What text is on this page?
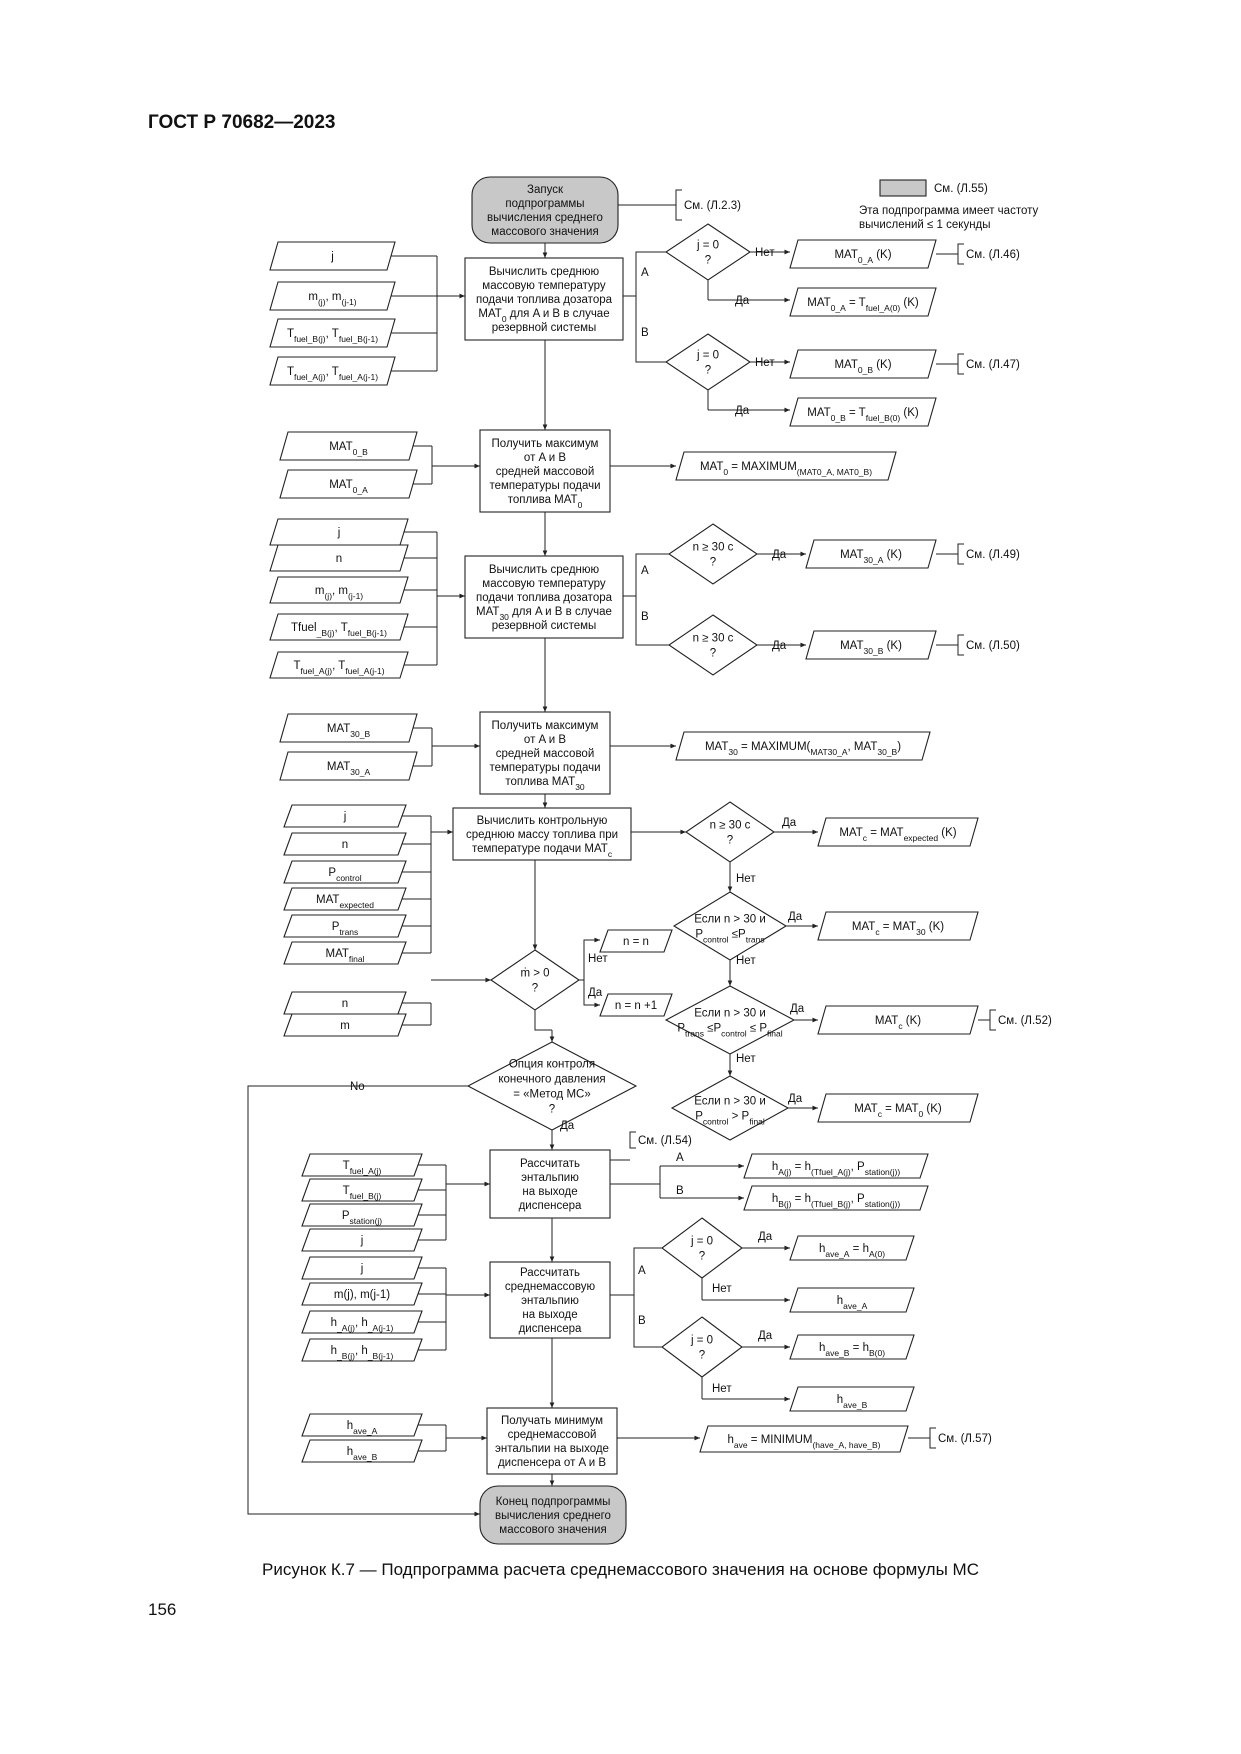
ГОСТ Р 70682—2023
См. (Л.55)
Эта подпрограмма имеет частоту
вычислений ≤ 1 секунды
Запуск
подпрограммы
вычисления среднего
массового значения
См. (Л.2.3)
Вычислить среднюю
массовую температуру
подачи топлива дозатора
$MAT_0$ для A и B в случае
резервной системы
j
$m_{(j)}$, $m_{(j-1)}$
$T_{fuel\_B(j)}$, $T_{fuel\_B(j-1)}$
$T_{fuel\_A(j)}$, $T_{fuel\_A(j-1)}$
A
B
j = 0
?
Нет	$MAT_{0\_A}$ (K)	См. (Л.46)
Да	$MAT_{0\_A} = T_{fuel\_A(0)}$ (K)
j = 0
?
Нет	$MAT_{0\_B}$ (K)	См. (Л.47)
Да	$MAT_{0\_B} = T_{fuel\_B(0)}$ (K)
Получить максимум
от A и B
средней массовой
температуры подачи
топлива $MAT_0$
$MAT_{0\_B}$
$MAT_{0\_A}$
$MAT_0$ = $MAXIMUM_{(MAT0\_A, MAT0\_B)}$
Вычислить среднюю
массовую температуру
подачи топлива дозатора
$MAT_{30}$ для A и B в случае
резервной системы
j
n
$m_{(j)}$, $m_{(j-1)}$
Tfuel$_{\_B(j)}$, $T_{fuel\_B(j-1)}$
$T_{fuel\_A(j)}$, $T_{fuel\_A(j-1)}$
A
B
n ≥ 30 c
?
Да	$MAT_{30\_A}$ (K)	См. (Л.49)
n ≥ 30 c
?
Да	$MAT_{30\_B}$ (K)	См. (Л.50)
Получить максимум
от A и B
средней массовой
температуры подачи
топлива $MAT_{30}$
$MAT_{30\_B}$
$MAT_{30\_A}$
$MAT_{30}$ = $MAXIMUM(_{MAT30\_A}$, $MAT_{30\_B}$)
Вычислить контрольную
среднюю массу топлива при
температуре подачи $MAT_c$
j
n
$P_{control}$
$MAT_{expected}$
$P_{trans}$
$MAT_{final}$
n ≥ 30 c
?
Да
$MAT_c = MAT_{expected}$ (K)
Нет
Если n > 30 и
$P_{control} \le P_{trans}$
Да
$MAT_c = MAT_{30}$ (K)
Нет
Если n > 30 и
$P_{trans} \le P_{control} \le P_{final}$
Да
$MAT_c$ (K)	См. (Л.52)
Нет
Если n > 30 и
$P_{control} > P_{final}$
Да
$MAT_c = MAT_0$ (K)
ṁ > 0
?
n
m
Нет
n = n
Да
n = n +1
Опция контроля
конечного давления
= «Метод МС»
?
No
Да
Рассчитать
энтальпию
на выходе
диспенсера
См. (Л.54)
$T_{fuel\_A(j)}$
$T_{fuel\_B(j)}$
$P_{station(j)}$
j
A
B
$h_{A(j)} = h_{(Tfuel\_A(j)}$, $P_{station(j))}$
$h_{B(j)} = h_{(Tfuel\_B(j)}$, $P_{station(j))}$
Рассчитать
среднемассовую
энтальпию
на выходе
диспенсера
j
m(j), m(j-1)
$h_{\_A(j)}$, $h_{\_A(j-1)}$
$h_{\_B(j)}$, $h_{\_B(j-1)}$
A
B
j = 0
?
Да
$h_{ave\_A} = h_{A(0)}$
Нет
$h_{ave\_A}$
j = 0
?
Да
$h_{ave\_B} = h_{B(0)}$
Нет
$h_{ave\_B}$
Получать минимум
среднемассовой
энтальпии на выходе
диспенсера от A и B
$h_{ave\_A}$
$h_{ave\_B}$
$h_{ave}$ = $MINIMUM_{(have\_A, have\_B)}$	См. (Л.57)
Конец подпрограммы
вычисления среднего
массового значения

Рисунок К.7 — Подпрограмма расчета среднемассового значения на основе формулы МС

156
